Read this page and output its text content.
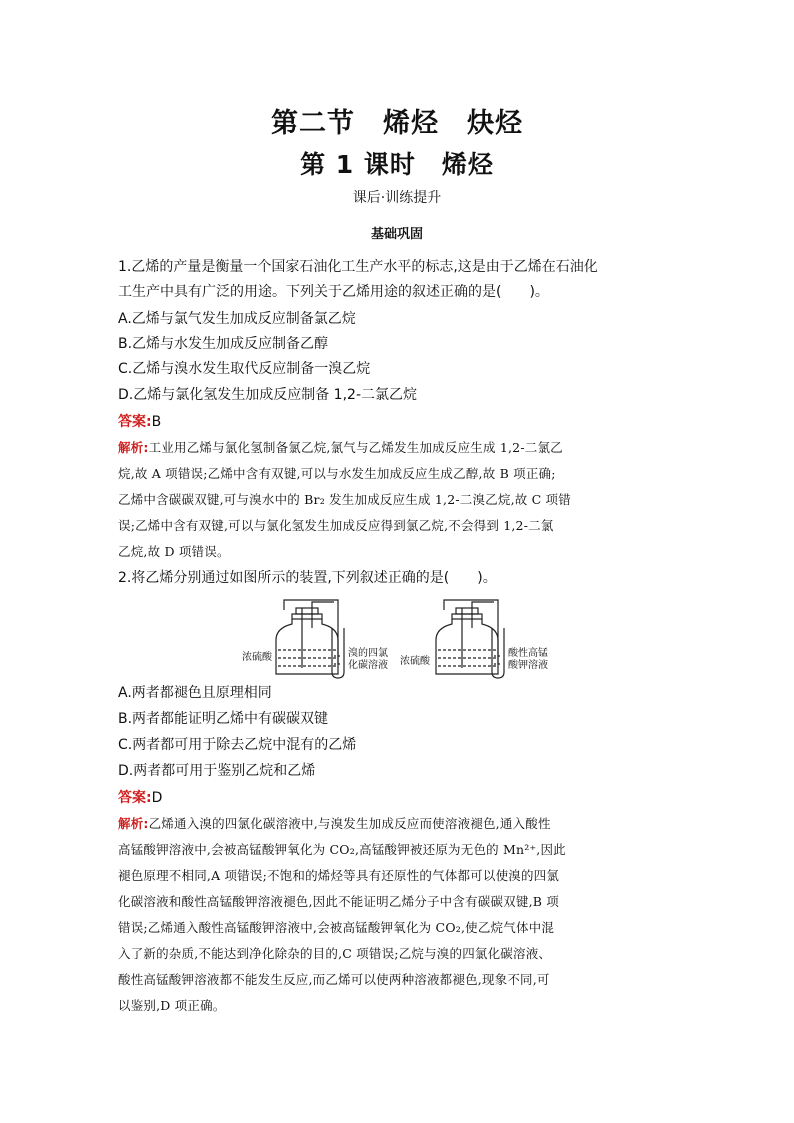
第二节　烯烃　炔烃
第 1 课时　烯烃
课后·训练提升
基础巩固
1.乙烯的产量是衡量一个国家石油化工生产水平的标志,这是由于乙烯在石油化
工生产中具有广泛的用途。下列关于乙烯用途的叙述正确的是(　　)。
A.乙烯与氯气发生加成反应制备氯乙烷
B.乙烯与水发生加成反应制备乙醇
C.乙烯与溴水发生取代反应制备一溴乙烷
D.乙烯与氯化氢发生加成反应制备 1,2-二氯乙烷
答案:B
解析:工业用乙烯与氯化氢制备氯乙烷,氯气与乙烯发生加成反应生成 1,2-二氯乙
烷,故 A 项错误;乙烯中含有双键,可以与水发生加成反应生成乙醇,故 B 项正确;
乙烯中含碳碳双键,可与溴水中的 Br₂ 发生加成反应生成 1,2-二溴乙烷,故 C 项错
误;乙烯中含有双键,可以与氯化氢发生加成反应得到氯乙烷,不会得到 1,2-二氯
乙烷,故 D 项错误。
2.将乙烯分别通过如图所示的装置,下列叙述正确的是(　　)。
浓硫酸	溴的四氯
化碳溶液 浓硫酸
酸性高锰
酸钾溶液
A.两者都褪色且原理相同
B.两者都能证明乙烯中有碳碳双键
C.两者都可用于除去乙烷中混有的乙烯
D.两者都可用于鉴别乙烷和乙烯
答案:D
解析:乙烯通入溴的四氯化碳溶液中,与溴发生加成反应而使溶液褪色,通入酸性
高锰酸钾溶液中,会被高锰酸钾氧化为 CO₂,高锰酸钾被还原为无色的 Mn²⁺,因此
褪色原理不相同,A 项错误;不饱和的烯烃等具有还原性的气体都可以使溴的四氯
化碳溶液和酸性高锰酸钾溶液褪色,因此不能证明乙烯分子中含有碳碳双键,B 项
错误;乙烯通入酸性高锰酸钾溶液中,会被高锰酸钾氧化为 CO₂,使乙烷气体中混
入了新的杂质,不能达到净化除杂的目的,C 项错误;乙烷与溴的四氯化碳溶液、
酸性高锰酸钾溶液都不能发生反应,而乙烯可以使两种溶液都褪色,现象不同,可
以鉴别,D 项正确。
